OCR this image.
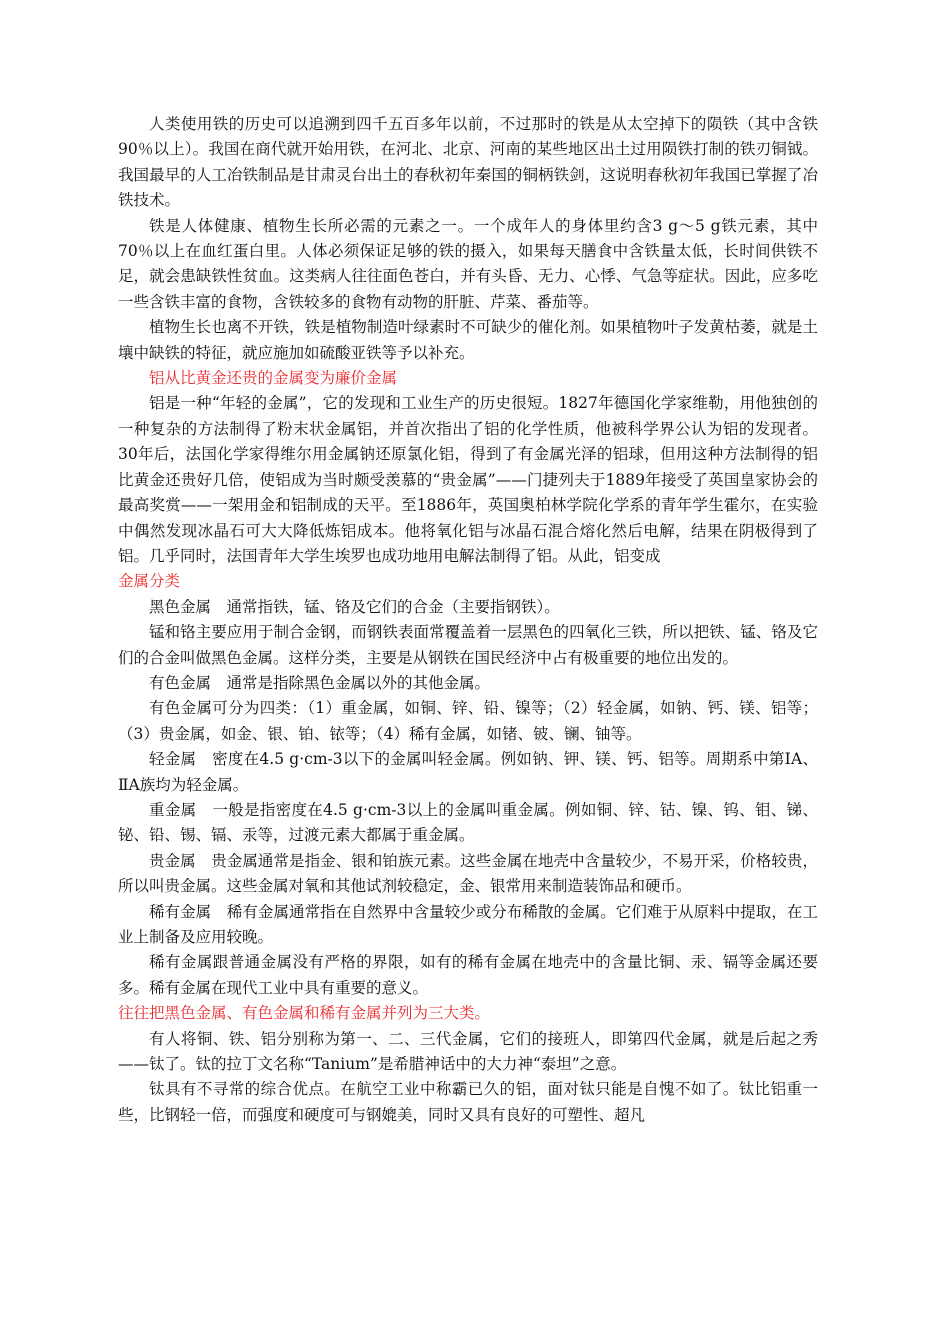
人类使用铁的历史可以追溯到四千五百多年以前，不过那时的铁是从太空掉下的陨铁（其中含铁90％以上）。我国在商代就开始用铁，在河北、北京、河南的某些地区出土过用陨铁打制的铁刃铜钺。我国最早的人工冶铁制品是甘肃灵台出土的春秋初年秦国的铜柄铁剑，这说明春秋初年我国已掌握了冶铁技术。

铁是人体健康、植物生长所必需的元素之一。一个成年人的身体里约含3 g～5 g铁元素，其中70％以上在血红蛋白里。人体必须保证足够的铁的摄入，如果每天膳食中含铁量太低，长时间供铁不足，就会患缺铁性贫血。这类病人往往面色苍白，并有头昏、无力、心悸、气急等症状。因此，应多吃一些含铁丰富的食物，含铁较多的食物有动物的肝脏、芹菜、番茄等。

植物生长也离不开铁，铁是植物制造叶绿素时不可缺少的催化剂。如果植物叶子发黄枯萎，就是土壤中缺铁的特征，就应施加如硫酸亚铁等予以补充。

铝从比黄金还贵的金属变为廉价金属

铝是一种“年轻的金属”，它的发现和工业生产的历史很短。1827年德国化学家维勒，用他独创的一种复杂的方法制得了粉末状金属铝，并首次指出了铝的化学性质，他被科学界公认为铝的发现者。30年后，法国化学家得维尔用金属钠还原氯化铝，得到了有金属光泽的铝球，但用这种方法制得的铝比黄金还贵好几倍，使铝成为当时颇受羡慕的“贵金属”——门捷列夫于1889年接受了英国皇家协会的最高奖赏——一架用金和铝制成的天平。至1886年，英国奥柏林学院化学系的青年学生霍尔，在实验中偶然发现冰晶石可大大降低炼铝成本。他将氧化铝与冰晶石混合熔化然后电解，结果在阴极得到了铝。几乎同时，法国青年大学生埃罗也成功地用电解法制得了铝。从此，铝变成

金属分类

黑色金属　通常指铁，锰、铬及它们的合金（主要指钢铁）。

锰和铬主要应用于制合金钢，而钢铁表面常覆盖着一层黑色的四氧化三铁，所以把铁、锰、铬及它们的合金叫做黑色金属。这样分类，主要是从钢铁在国民经济中占有极重要的地位出发的。

有色金属　通常是指除黑色金属以外的其他金属。

有色金属可分为四类：（1）重金属，如铜、锌、铅、镍等；（2）轻金属，如钠、钙、镁、铝等；（3）贵金属，如金、银、铂、铱等；（4）稀有金属，如锗、铍、镧、铀等。

轻金属　密度在4.5 g·cm-3以下的金属叫轻金属。例如钠、钾、镁、钙、铝等。周期系中第ⅠA、ⅡA族均为轻金属。

重金属　一般是指密度在4.5 g·cm-3以上的金属叫重金属。例如铜、锌、钴、镍、钨、钼、锑、铋、铅、锡、镉、汞等，过渡元素大都属于重金属。

贵金属　贵金属通常是指金、银和铂族元素。这些金属在地壳中含量较少，不易开采，价格较贵，所以叫贵金属。这些金属对氧和其他试剂较稳定，金、银常用来制造装饰品和硬币。

稀有金属　稀有金属通常指在自然界中含量较少或分布稀散的金属。它们难于从原料中提取，在工业上制备及应用较晚。

稀有金属跟普通金属没有严格的界限，如有的稀有金属在地壳中的含量比铜、汞、镉等金属还要多。稀有金属在现代工业中具有重要的意义。

往往把黑色金属、有色金属和稀有金属并列为三大类。

有人将铜、铁、铝分别称为第一、二、三代金属，它们的接班人，即第四代金属，就是后起之秀——钛了。钛的拉丁文名称“Tanium”是希腊神话中的大力神“泰坦”之意。

钛具有不寻常的综合优点。在航空工业中称霸已久的铝，面对钛只能是自愧不如了。钛比铝重一些，比钢轻一倍，而强度和硬度可与钢媲美，同时又具有良好的可塑性、超凡
